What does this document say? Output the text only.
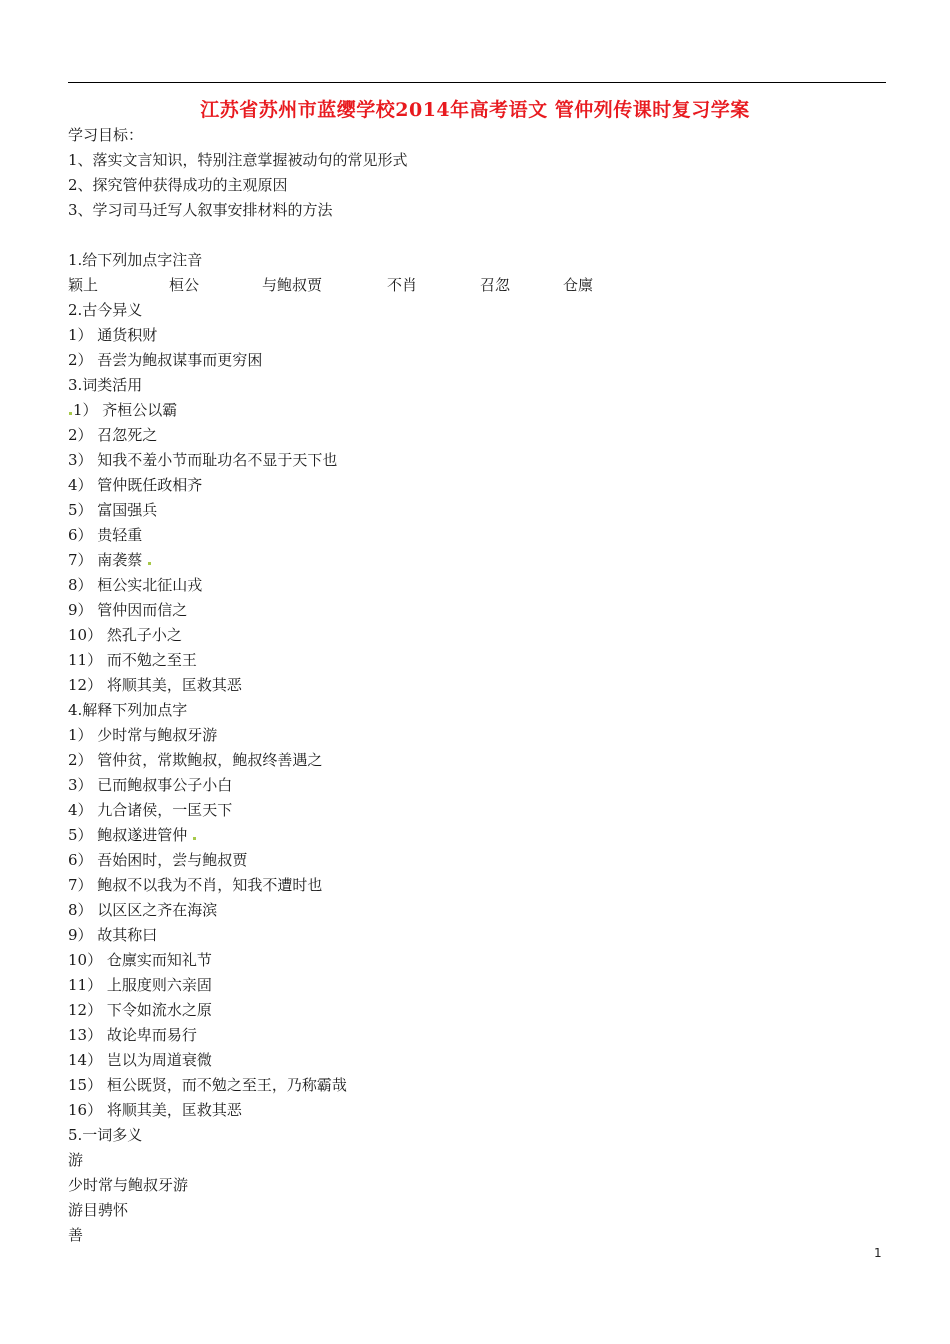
江苏省苏州市蓝缨学校2014年高考语文 管仲列传课时复习学案
学习目标：
1、落实文言知识，特别注意掌握被动句的常见形式
2、探究管仲获得成功的主观原因
3、学习司马迁写人叙事安排材料的方法
1.给下列加点字注音
颖上	桓公	与鲍叔贾	不肖	召忽	仓廪
2.古今异义
1） 通货积财
2） 吾尝为鲍叔谋事而更穷困
3.词类活用
1） 齐桓公以霸
2） 召忽死之
3） 知我不羞小节而耻功名不显于天下也
4） 管仲既任政相齐
5） 富国强兵
6） 贵轻重
7） 南袭蔡
8） 桓公实北征山戎
9） 管仲因而信之
10） 然孔子小之
11） 而不勉之至王
12） 将顺其美，匡救其恶
4.解释下列加点字
1） 少时常与鲍叔牙游
2） 管仲贫，常欺鲍叔，鲍叔终善遇之
3） 已而鲍叔事公子小白
4） 九合诸侯，一匡天下
5） 鲍叔遂进管仲
6） 吾始困时，尝与鲍叔贾
7） 鲍叔不以我为不肖，知我不遭时也
8） 以区区之齐在海滨
9） 故其称曰
10） 仓廪实而知礼节
11） 上服度则六亲固
12） 下令如流水之原
13） 故论卑而易行
14） 岂以为周道衰微
15） 桓公既贤，而不勉之至王，乃称霸哉
16） 将顺其美，匡救其恶
5.一词多义
游
少时常与鲍叔牙游
游目骋怀
善
1
